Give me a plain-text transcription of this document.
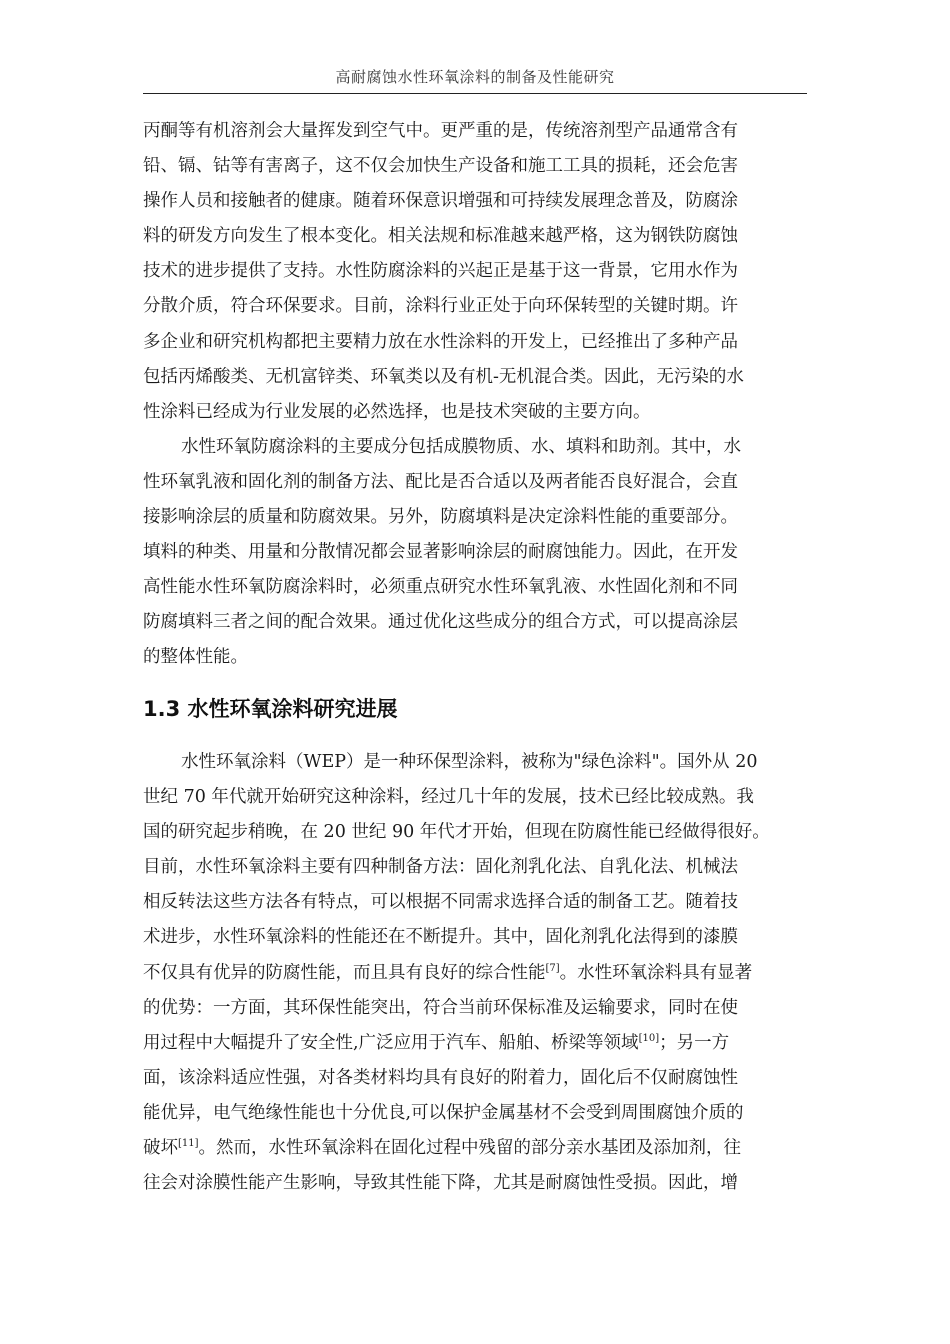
高耐腐蚀水性环氧涂料的制备及性能研究
丙酮等有机溶剂会大量挥发到空气中。更严重的是，传统溶剂型产品通常含有
铅、镉、钴等有害离子，这不仅会加快生产设备和施工工具的损耗，还会危害
操作人员和接触者的健康。随着环保意识增强和可持续发展理念普及，防腐涂
料的研发方向发生了根本变化。相关法规和标准越来越严格，这为钢铁防腐蚀
技术的进步提供了支持。水性防腐涂料的兴起正是基于这一背景，它用水作为
分散介质，符合环保要求。目前，涂料行业正处于向环保转型的关键时期。许
多企业和研究机构都把主要精力放在水性涂料的开发上，已经推出了多种产品
包括丙烯酸类、无机富锌类、环氧类以及有机-无机混合类。因此，无污染的水
性涂料已经成为行业发展的必然选择，也是技术突破的主要方向。
水性环氧防腐涂料的主要成分包括成膜物质、水、填料和助剂。其中，水
性环氧乳液和固化剂的制备方法、配比是否合适以及两者能否良好混合，会直
接影响涂层的质量和防腐效果。另外，防腐填料是决定涂料性能的重要部分。
填料的种类、用量和分散情况都会显著影响涂层的耐腐蚀能力。因此，在开发
高性能水性环氧防腐涂料时，必须重点研究水性环氧乳液、水性固化剂和不同
防腐填料三者之间的配合效果。通过优化这些成分的组合方式，可以提高涂层
的整体性能。
1.3 水性环氧涂料研究进展
水性环氧涂料（WEP）是一种环保型涂料，被称为"绿色涂料"。国外从 20
世纪 70 年代就开始研究这种涂料，经过几十年的发展，技术已经比较成熟。我
国的研究起步稍晚，在 20 世纪 90 年代才开始，但现在防腐性能已经做得很好。
目前，水性环氧涂料主要有四种制备方法：固化剂乳化法、自乳化法、机械法
相反转法这些方法各有特点，可以根据不同需求选择合适的制备工艺。随着技
术进步，水性环氧涂料的性能还在不断提升。其中，固化剂乳化法得到的漆膜
不仅具有优异的防腐性能，而且具有良好的综合性能[7]。水性环氧涂料具有显著
的优势：一方面，其环保性能突出，符合当前环保标准及运输要求，同时在使
用过程中大幅提升了安全性,广泛应用于汽车、船舶、桥梁等领域[10]；另一方
面，该涂料适应性强，对各类材料均具有良好的附着力，固化后不仅耐腐蚀性
能优异，电气绝缘性能也十分优良,可以保护金属基材不会受到周围腐蚀介质的
破坏[11]。然而，水性环氧涂料在固化过程中残留的部分亲水基团及添加剂，往
往会对涂膜性能产生影响，导致其性能下降，尤其是耐腐蚀性受损。因此，增
